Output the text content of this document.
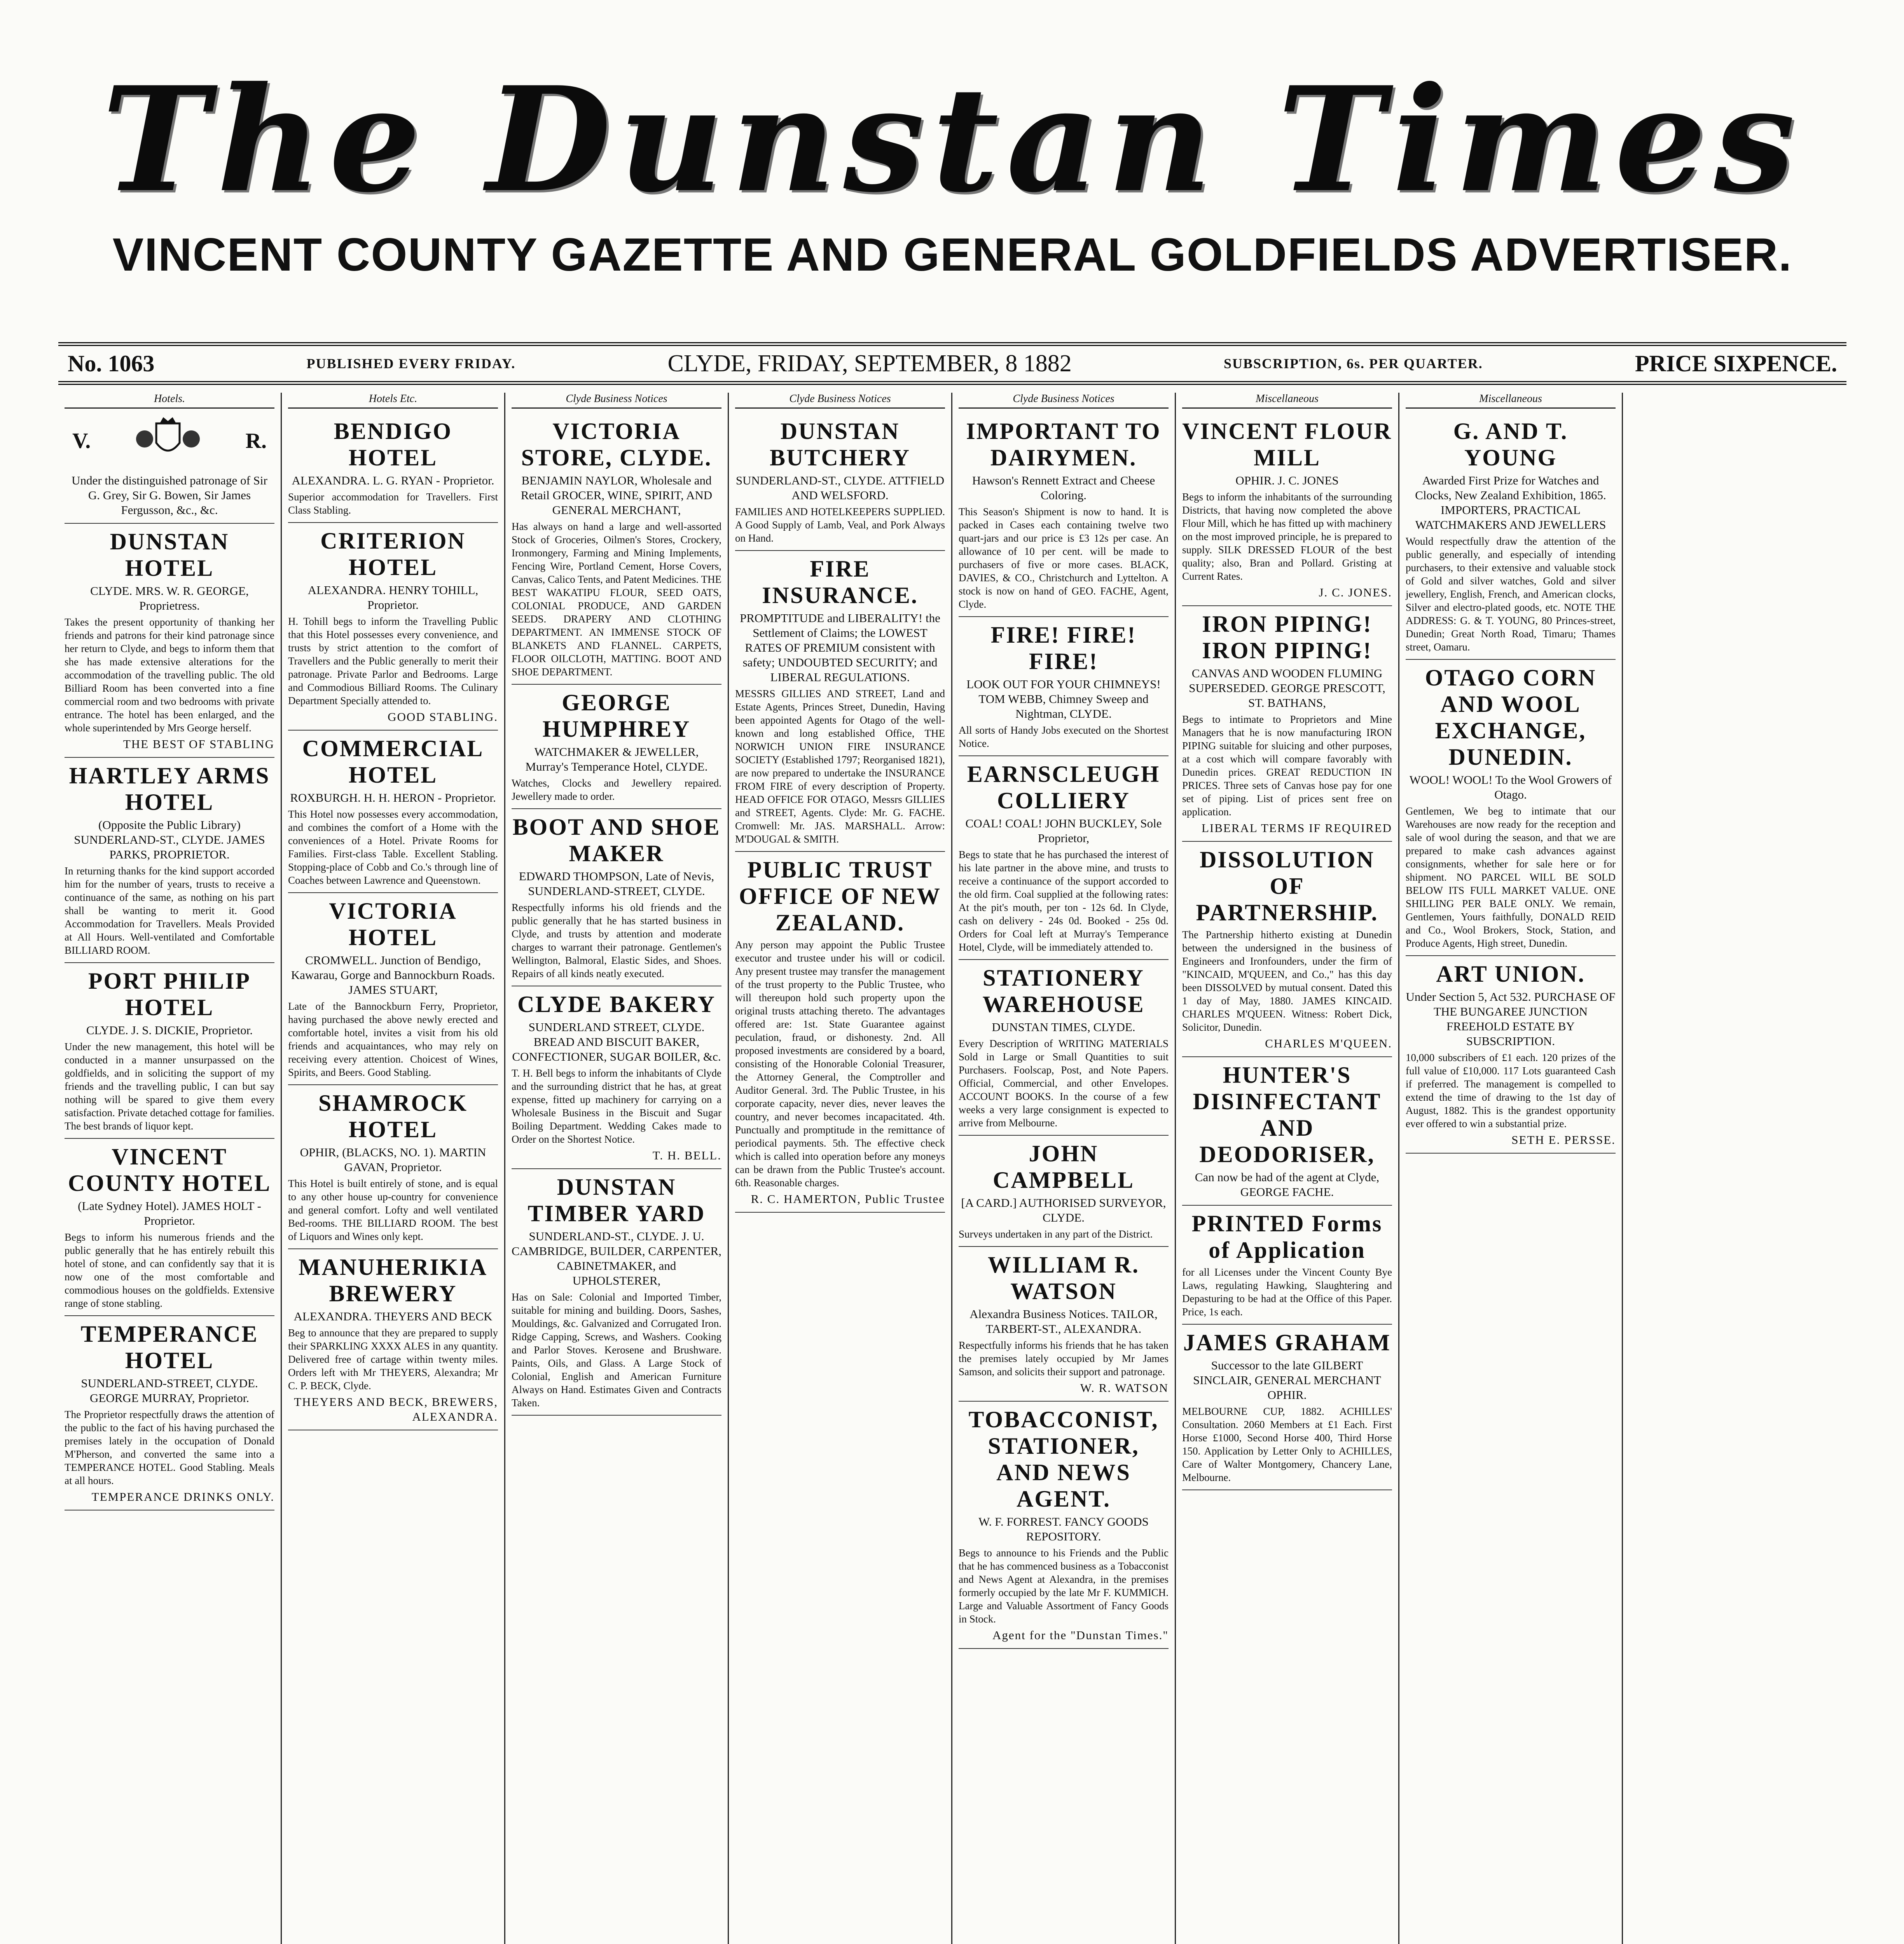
The Dunstan Times
VINCENT COUNTY GAZETTE AND GENERAL GOLDFIELDS ADVERTISER.
No. 1063	PUBLISHED EVERY FRIDAY.	CLYDE, FRIDAY, SEPTEMBER, 8 1882	SUBSCRIPTION, 6s. PER QUARTER.	PRICE SIXPENCE.
Hotels.
V.	R.
Under the distinguished patronage of Sir G. Grey, Sir G. Bowen, Sir James Fergusson, &c., &c.
DUNSTAN HOTEL
CLYDE. MRS. W. R. GEORGE, Proprietress.
Takes the present opportunity of thanking her friends and patrons for their kind patronage since her return to Clyde, and begs to inform them that she has made extensive alterations for the accommodation of the travelling public. The old Billiard Room has been converted into a fine commercial room and two bedrooms with private entrance. The hotel has been enlarged, and the whole superintended by Mrs George herself.
THE BEST OF STABLING
HARTLEY ARMS HOTEL
(Opposite the Public Library) SUNDERLAND-ST., CLYDE. JAMES PARKS, PROPRIETOR.
In returning thanks for the kind support accorded him for the number of years, trusts to receive a continuance of the same, as nothing on his part shall be wanting to merit it. Good Accommodation for Travellers. Meals Provided at All Hours. Well-ventilated and Comfortable BILLIARD ROOM.
PORT PHILIP HOTEL
CLYDE. J. S. DICKIE, Proprietor.
Under the new management, this hotel will be conducted in a manner unsurpassed on the goldfields, and in soliciting the support of my friends and the travelling public, I can but say nothing will be spared to give them every satisfaction. Private detached cottage for families. The best brands of liquor kept.
VINCENT COUNTY HOTEL
(Late Sydney Hotel). JAMES HOLT - Proprietor.
Begs to inform his numerous friends and the public generally that he has entirely rebuilt this hotel of stone, and can confidently say that it is now one of the most comfortable and commodious houses on the goldfields. Extensive range of stone stabling.
TEMPERANCE HOTEL
SUNDERLAND-STREET, CLYDE. GEORGE MURRAY, Proprietor.
The Proprietor respectfully draws the attention of the public to the fact of his having purchased the premises lately in the occupation of Donald M'Pherson, and converted the same into a TEMPERANCE HOTEL. Good Stabling. Meals at all hours.
TEMPERANCE DRINKS ONLY.
Hotels Etc.
BENDIGO HOTEL
ALEXANDRA. L. G. RYAN - Proprietor.
Superior accommodation for Travellers. First Class Stabling.
CRITERION HOTEL
ALEXANDRA. HENRY TOHILL, Proprietor.
H. Tohill begs to inform the Travelling Public that this Hotel possesses every convenience, and trusts by strict attention to the comfort of Travellers and the Public generally to merit their patronage. Private Parlor and Bedrooms. Large and Commodious Billiard Rooms. The Culinary Department Specially attended to.
GOOD STABLING.
COMMERCIAL HOTEL
ROXBURGH. H. H. HERON - Proprietor.
This Hotel now possesses every accommodation, and combines the comfort of a Home with the conveniences of a Hotel. Private Rooms for Families. First-class Table. Excellent Stabling. Stopping-place of Cobb and Co.'s through line of Coaches between Lawrence and Queenstown.
VICTORIA HOTEL
CROMWELL. Junction of Bendigo, Kawarau, Gorge and Bannockburn Roads. JAMES STUART,
Late of the Bannockburn Ferry, Proprietor, having purchased the above newly erected and comfortable hotel, invites a visit from his old friends and acquaintances, who may rely on receiving every attention. Choicest of Wines, Spirits, and Beers. Good Stabling.
SHAMROCK HOTEL
OPHIR, (BLACKS, NO. 1). MARTIN GAVAN, Proprietor.
This Hotel is built entirely of stone, and is equal to any other house up-country for convenience and general comfort. Lofty and well ventilated Bed-rooms. THE BILLIARD ROOM. The best of Liquors and Wines only kept.
MANUHERIKIA BREWERY
ALEXANDRA. THEYERS AND BECK
Beg to announce that they are prepared to supply their SPARKLING XXXX ALES in any quantity. Delivered free of cartage within twenty miles. Orders left with Mr THEYERS, Alexandra; Mr C. P. BECK, Clyde.
THEYERS AND BECK, BREWERS, ALEXANDRA.
Clyde Business Notices
VICTORIA STORE, CLYDE.
BENJAMIN NAYLOR, Wholesale and Retail GROCER, WINE, SPIRIT, AND GENERAL MERCHANT,
Has always on hand a large and well-assorted Stock of Groceries, Oilmen's Stores, Crockery, Ironmongery, Farming and Mining Implements, Fencing Wire, Portland Cement, Horse Covers, Canvas, Calico Tents, and Patent Medicines. THE BEST WAKATIPU FLOUR, SEED OATS, COLONIAL PRODUCE, AND GARDEN SEEDS. DRAPERY AND CLOTHING DEPARTMENT. AN IMMENSE STOCK OF BLANKETS AND FLANNEL. CARPETS, FLOOR OILCLOTH, MATTING. BOOT AND SHOE DEPARTMENT.
GEORGE HUMPHREY
WATCHMAKER & JEWELLER, Murray's Temperance Hotel, CLYDE.
Watches, Clocks and Jewellery repaired. Jewellery made to order.
BOOT AND SHOE MAKER
EDWARD THOMPSON, Late of Nevis, SUNDERLAND-STREET, CLYDE.
Respectfully informs his old friends and the public generally that he has started business in Clyde, and trusts by attention and moderate charges to warrant their patronage. Gentlemen's Wellington, Balmoral, Elastic Sides, and Shoes. Repairs of all kinds neatly executed.
CLYDE BAKERY
SUNDERLAND STREET, CLYDE. BREAD AND BISCUIT BAKER, CONFECTIONER, SUGAR BOILER, &c.
T. H. Bell begs to inform the inhabitants of Clyde and the surrounding district that he has, at great expense, fitted up machinery for carrying on a Wholesale Business in the Biscuit and Sugar Boiling Department. Wedding Cakes made to Order on the Shortest Notice.
T. H. BELL.
DUNSTAN TIMBER YARD
SUNDERLAND-ST., CLYDE. J. U. CAMBRIDGE, BUILDER, CARPENTER, CABINETMAKER, and UPHOLSTERER,
Has on Sale: Colonial and Imported Timber, suitable for mining and building. Doors, Sashes, Mouldings, &c. Galvanized and Corrugated Iron. Ridge Capping, Screws, and Washers. Cooking and Parlor Stoves. Kerosene and Brushware. Paints, Oils, and Glass. A Large Stock of Colonial, English and American Furniture Always on Hand. Estimates Given and Contracts Taken.
Clyde Business Notices
DUNSTAN BUTCHERY
SUNDERLAND-ST., CLYDE. ATTFIELD AND WELSFORD.
FAMILIES AND HOTELKEEPERS SUPPLIED. A Good Supply of Lamb, Veal, and Pork Always on Hand.
FIRE INSURANCE.
PROMPTITUDE and LIBERALITY! the Settlement of Claims; the LOWEST RATES OF PREMIUM consistent with safety; UNDOUBTED SECURITY; and LIBERAL REGULATIONS.
MESSRS GILLIES AND STREET, Land and Estate Agents, Princes Street, Dunedin, Having been appointed Agents for Otago of the well-known and long established Office, THE NORWICH UNION FIRE INSURANCE SOCIETY (Established 1797; Reorganised 1821), are now prepared to undertake the INSURANCE FROM FIRE of every description of Property. HEAD OFFICE FOR OTAGO, Messrs GILLIES and STREET, Agents. Clyde: Mr. G. FACHE. Cromwell: Mr. JAS. MARSHALL. Arrow: M'DOUGAL & SMITH.
PUBLIC TRUST OFFICE OF NEW ZEALAND.
Any person may appoint the Public Trustee executor and trustee under his will or codicil. Any present trustee may transfer the management of the trust property to the Public Trustee, who will thereupon hold such property upon the original trusts attaching thereto. The advantages offered are: 1st. State Guarantee against peculation, fraud, or dishonesty. 2nd. All proposed investments are considered by a board, consisting of the Honorable Colonial Treasurer, the Attorney General, the Comptroller and Auditor General. 3rd. The Public Trustee, in his corporate capacity, never dies, never leaves the country, and never becomes incapacitated. 4th. Punctually and promptitude in the remittance of periodical payments. 5th. The effective check which is called into operation before any moneys can be drawn from the Public Trustee's account. 6th. Reasonable charges.
R. C. HAMERTON, Public Trustee
Clyde Business Notices
IMPORTANT TO DAIRYMEN.
Hawson's Rennett Extract and Cheese Coloring.
This Season's Shipment is now to hand. It is packed in Cases each containing twelve two quart-jars and our price is £3 12s per case. An allowance of 10 per cent. will be made to purchasers of five or more cases. BLACK, DAVIES, & CO., Christchurch and Lyttelton. A stock is now on hand of GEO. FACHE, Agent, Clyde.
FIRE! FIRE! FIRE!
LOOK OUT FOR YOUR CHIMNEYS! TOM WEBB, Chimney Sweep and Nightman, CLYDE.
All sorts of Handy Jobs executed on the Shortest Notice.
EARNSCLEUGH COLLIERY
COAL! COAL! JOHN BUCKLEY, Sole Proprietor,
Begs to state that he has purchased the interest of his late partner in the above mine, and trusts to receive a continuance of the support accorded to the old firm. Coal supplied at the following rates: At the pit's mouth, per ton - 12s 6d. In Clyde, cash on delivery - 24s 0d. Booked - 25s 0d. Orders for Coal left at Murray's Temperance Hotel, Clyde, will be immediately attended to.
STATIONERY WAREHOUSE
DUNSTAN TIMES, CLYDE.
Every Description of WRITING MATERIALS Sold in Large or Small Quantities to suit Purchasers. Foolscap, Post, and Note Papers. Official, Commercial, and other Envelopes. ACCOUNT BOOKS. In the course of a few weeks a very large consignment is expected to arrive from Melbourne.
JOHN CAMPBELL
[A CARD.] AUTHORISED SURVEYOR, CLYDE.
Surveys undertaken in any part of the District.
WILLIAM R. WATSON
Alexandra Business Notices. TAILOR, TARBERT-ST., ALEXANDRA.
Respectfully informs his friends that he has taken the premises lately occupied by Mr James Samson, and solicits their support and patronage.
W. R. WATSON
TOBACCONIST, STATIONER, AND NEWS AGENT.
W. F. FORREST. FANCY GOODS REPOSITORY.
Begs to announce to his Friends and the Public that he has commenced business as a Tobacconist and News Agent at Alexandra, in the premises formerly occupied by the late Mr F. KUMMICH. Large and Valuable Assortment of Fancy Goods in Stock.
Agent for the "Dunstan Times."
Miscellaneous
VINCENT FLOUR MILL
OPHIR. J. C. JONES
Begs to inform the inhabitants of the surrounding Districts, that having now completed the above Flour Mill, which he has fitted up with machinery on the most improved principle, he is prepared to supply. SILK DRESSED FLOUR of the best quality; also, Bran and Pollard. Gristing at Current Rates.
J. C. JONES.
IRON PIPING! IRON PIPING!
CANVAS AND WOODEN FLUMING SUPERSEDED. GEORGE PRESCOTT, ST. BATHANS,
Begs to intimate to Proprietors and Mine Managers that he is now manufacturing IRON PIPING suitable for sluicing and other purposes, at a cost which will compare favorably with Dunedin prices. GREAT REDUCTION IN PRICES. Three sets of Canvas hose pay for one set of piping. List of prices sent free on application.
LIBERAL TERMS IF REQUIRED
DISSOLUTION OF PARTNERSHIP.
The Partnership hitherto existing at Dunedin between the undersigned in the business of Engineers and Ironfounders, under the firm of "KINCAID, M'QUEEN, and Co.," has this day been DISSOLVED by mutual consent. Dated this 1 day of May, 1880. JAMES KINCAID. CHARLES M'QUEEN. Witness: Robert Dick, Solicitor, Dunedin.
CHARLES M'QUEEN.
HUNTER'S DISINFECTANT AND DEODORISER,
Can now be had of the agent at Clyde, GEORGE FACHE.
PRINTED Forms of Application
for all Licenses under the Vincent County Bye Laws, regulating Hawking, Slaughtering and Depasturing to be had at the Office of this Paper. Price, 1s each.
JAMES GRAHAM
Successor to the late GILBERT SINCLAIR, GENERAL MERCHANT OPHIR.
MELBOURNE CUP, 1882. ACHILLES' Consultation. 2060 Members at £1 Each. First Horse £1000, Second Horse 400, Third Horse 150. Application by Letter Only to ACHILLES, Care of Walter Montgomery, Chancery Lane, Melbourne.
Miscellaneous
G. AND T. YOUNG
Awarded First Prize for Watches and Clocks, New Zealand Exhibition, 1865. IMPORTERS, PRACTICAL WATCHMAKERS AND JEWELLERS
Would respectfully draw the attention of the public generally, and especially of intending purchasers, to their extensive and valuable stock of Gold and silver watches, Gold and silver jewellery, English, French, and American clocks, Silver and electro-plated goods, etc. NOTE THE ADDRESS: G. & T. YOUNG, 80 Princes-street, Dunedin; Great North Road, Timaru; Thames street, Oamaru.
OTAGO CORN AND WOOL EXCHANGE, DUNEDIN.
WOOL! WOOL! To the Wool Growers of Otago.
Gentlemen, We beg to intimate that our Warehouses are now ready for the reception and sale of wool during the season, and that we are prepared to make cash advances against consignments, whether for sale here or for shipment. NO PARCEL WILL BE SOLD BELOW ITS FULL MARKET VALUE. ONE SHILLING PER BALE ONLY. We remain, Gentlemen, Yours faithfully, DONALD REID and Co., Wool Brokers, Stock, Station, and Produce Agents, High street, Dunedin.
ART UNION.
Under Section 5, Act 532. PURCHASE OF THE BUNGAREE JUNCTION FREEHOLD ESTATE BY SUBSCRIPTION.
10,000 subscribers of £1 each. 120 prizes of the full value of £10,000. 117 Lots guaranteed Cash if preferred. The management is compelled to extend the time of drawing to the 1st day of August, 1882. This is the grandest opportunity ever offered to win a substantial prize.
SETH E. PERSSE.
